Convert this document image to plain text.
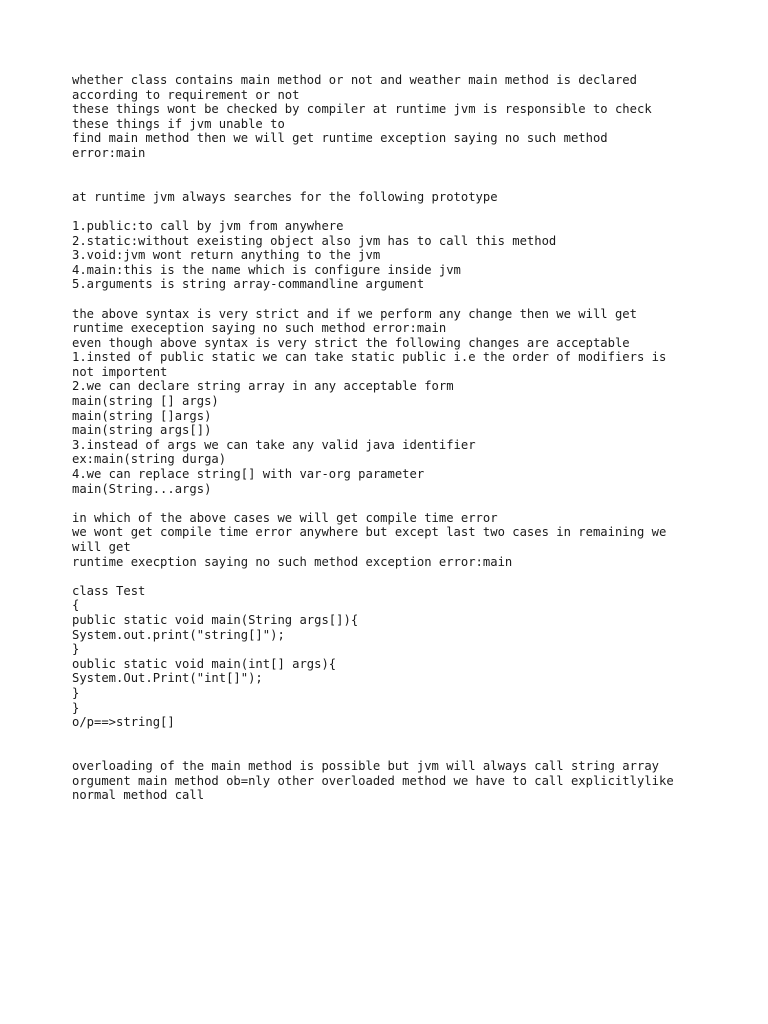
whether class contains main method or not and weather main method is declared
according to requirement or not
these things wont be checked by compiler at runtime jvm is responsible to check
these things if jvm unable to
find main method then we will get runtime exception saying no such method
error:main
at runtime jvm always searches for the following prototype
1.public:to call by jvm from anywhere
2.static:without exeisting object also jvm has to call this method
3.void:jvm wont return anything to the jvm
4.main:this is the name which is configure inside jvm
5.arguments is string array-commandline argument
the above syntax is very strict and if we perform any change then we will get
runtime exeception saying no such method error:main
even though above syntax is very strict the following changes are acceptable
1.insted of public static we can take static public i.e the order of modifiers is
not importent
2.we can declare string array in any acceptable form
main(string [] args)
main(string []args)
main(string args[])
3.instead of args we can take any valid java identifier
ex:main(string durga)
4.we can replace string[] with var-org parameter
main(String...args)
in which of the above cases we will get compile time error
we wont get compile time error anywhere but except last two cases in remaining we
will get
runtime execption saying no such method exception error:main
class Test
{
public static void main(String args[]){
System.out.print("string[]");
}
oublic static void main(int[] args){
System.Out.Print("int[]");
}
}
o/p==>string[]
overloading of the main method is possible but jvm will always call string array
orgument main method ob=nly other overloaded method we have to call explicitlylike
normal method call
